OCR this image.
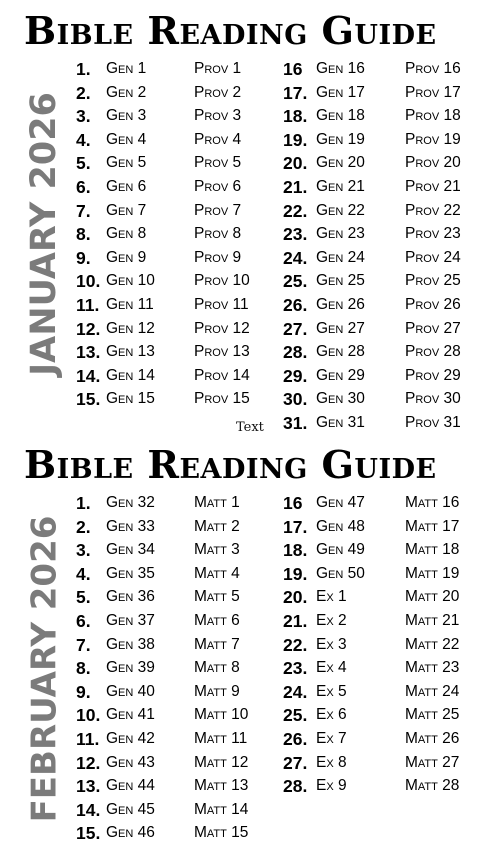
Bible Reading Guide
JANUARY 2026
1. Gen 1	Prov 1
2. Gen 2	Prov 2
3. Gen 3	Prov 3
4. Gen 4	Prov 4
5. Gen 5	Prov 5
6. Gen 6	Prov 6
7. Gen 7	Prov 7
8. Gen 8	Prov 8
9. Gen 9	Prov 9
10. Gen 10	Prov 10
11. Gen 11	Prov 11
12. Gen 12	Prov 12
13. Gen 13	Prov 13
14. Gen 14	Prov 14
15. Gen 15	Prov 15
16 Gen 16	Prov 16
17. Gen 17	Prov 17
18. Gen 18	Prov 18
19. Gen 19	Prov 19
20. Gen 20	Prov 20
21. Gen 21	Prov 21
22. Gen 22	Prov 22
23. Gen 23	Prov 23
24. Gen 24	Prov 24
25. Gen 25	Prov 25
26. Gen 26	Prov 26
27. Gen 27	Prov 27
28. Gen 28	Prov 28
29. Gen 29	Prov 29
30. Gen 30	Prov 30
31. Gen 31	Prov 31
Text
Bible Reading Guide
FEBRUARY 2026
1. Gen 32	Matt 1
2. Gen 33	Matt 2
3. Gen 34	Matt 3
4. Gen 35	Matt 4
5. Gen 36	Matt 5
6. Gen 37	Matt 6
7. Gen 38	Matt 7
8. Gen 39	Matt 8
9. Gen 40	Matt 9
10. Gen 41	Matt 10
11. Gen 42	Matt 11
12. Gen 43	Matt 12
13. Gen 44	Matt 13
14. Gen 45	Matt 14
15. Gen 46	Matt 15
16 Gen 47	Matt 16
17. Gen 48	Matt 17
18. Gen 49	Matt 18
19. Gen 50	Matt 19
20. Ex 1	Matt 20
21. Ex 2	Matt 21
22. Ex 3	Matt 22
23. Ex 4	Matt 23
24. Ex 5	Matt 24
25. Ex 6	Matt 25
26. Ex 7	Matt 26
27. Ex 8	Matt 27
28. Ex 9	Matt 28
